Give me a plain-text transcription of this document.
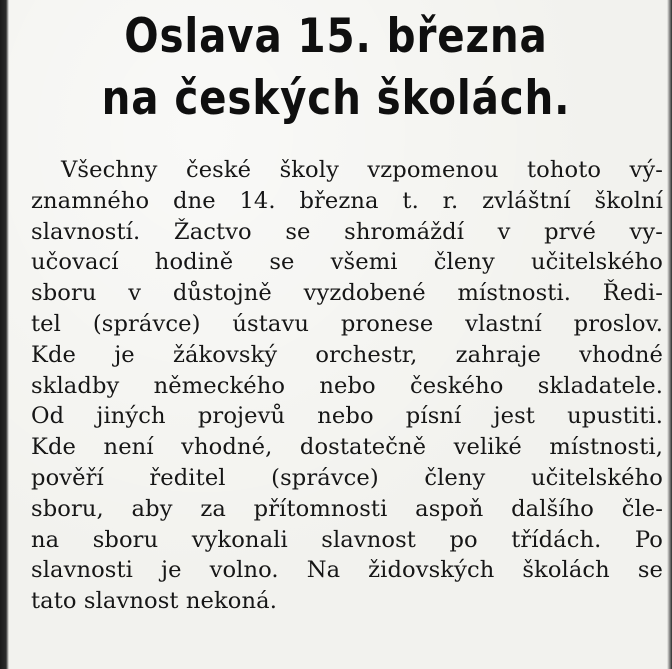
Oslava 15. března
na českých školách.
Všechny české školy vzpomenou tohoto vý-
znamného dne 14. března t. r. zvláštní školní
slavností. Žactvo se shromáždí v prvé vy-
učovací hodině se všemi členy učitelského
sboru v důstojně vyzdobené místnosti. Ředi-
tel (správce) ústavu pronese vlastní proslov.
Kde je žákovský orchestr, zahraje vhodné
skladby německého nebo českého skladatele.
Od jiných projevů nebo písní jest upustiti.
Kde není vhodné, dostatečně veliké místnosti,
pověří ředitel (správce) členy učitelského
sboru, aby za přítomnosti aspoň dalšího čle-
na sboru vykonali slavnost po třídách. Po
slavnosti je volno. Na židovských školách se
tato slavnost nekoná.
